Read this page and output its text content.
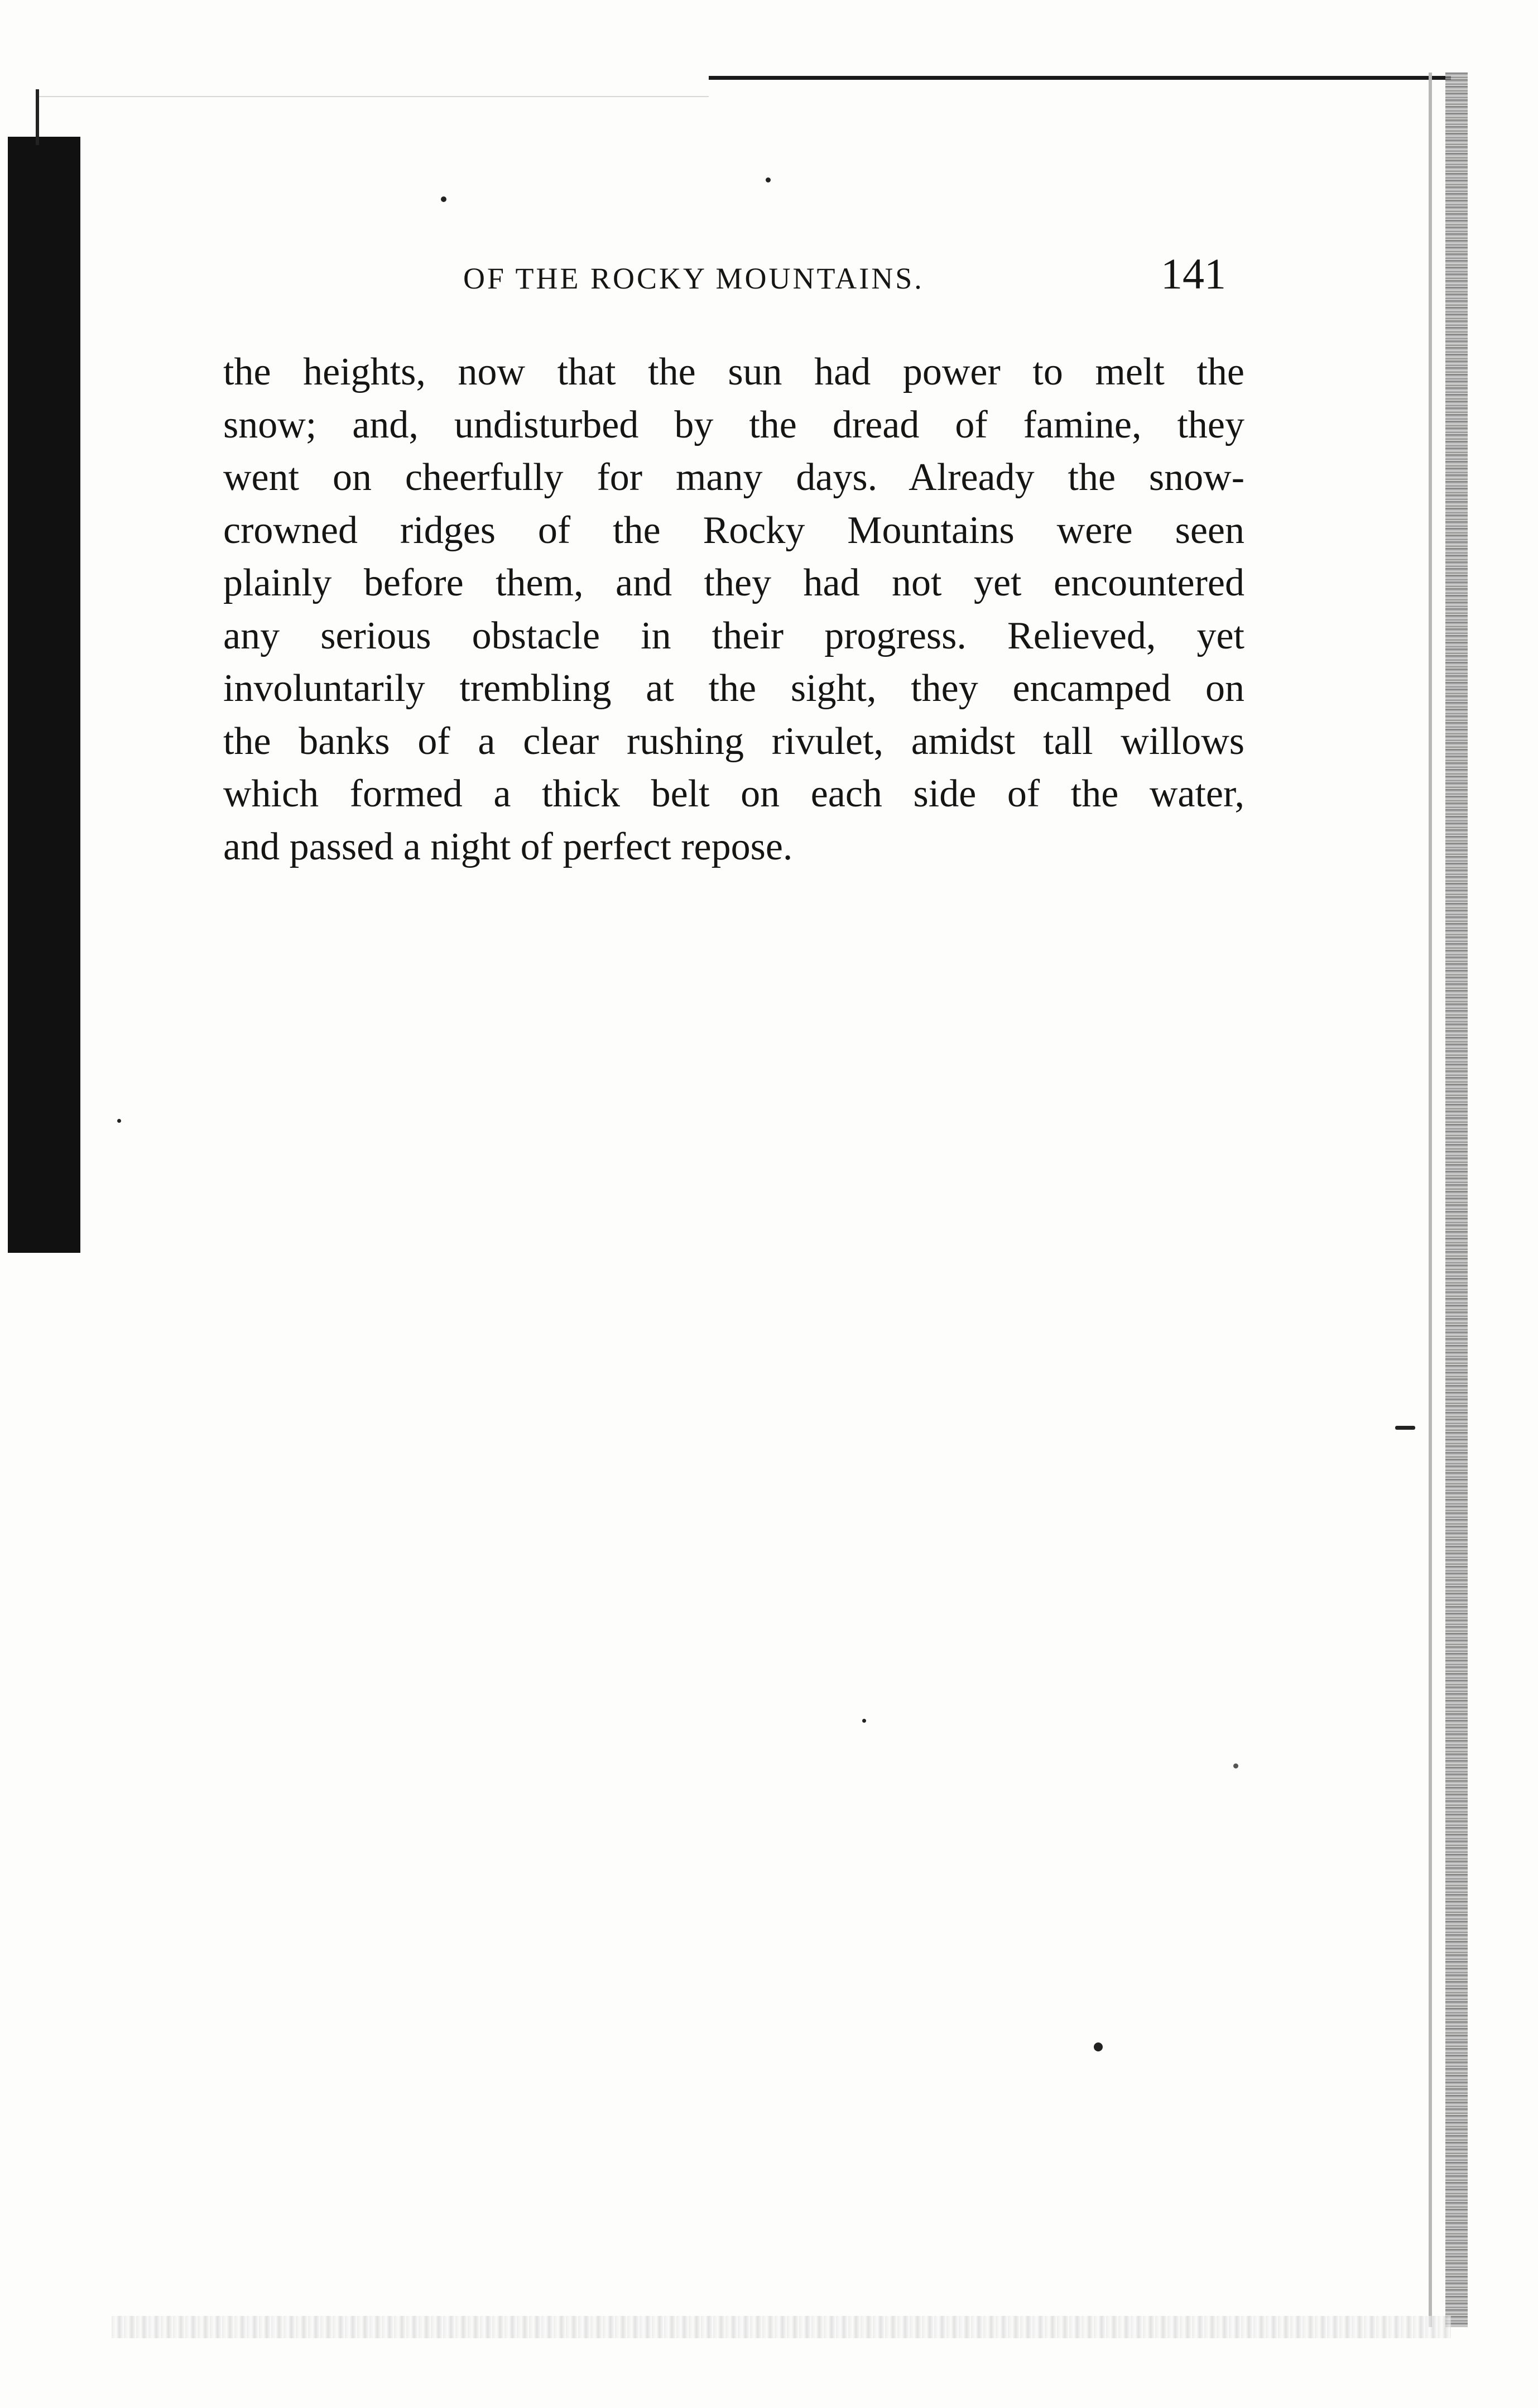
OF THE ROCKY MOUNTAINS.	141
the heights, now that the sun had power to melt the
snow; and, undisturbed by the dread of famine, they
went on cheerfully for many days. Already the snow-
crowned ridges of the Rocky Mountains were seen
plainly before them, and they had not yet encountered
any serious obstacle in their progress. Relieved, yet
involuntarily trembling at the sight, they encamped on
the banks of a clear rushing rivulet, amidst tall willows
which formed a thick belt on each side of the water,
and passed a night of perfect repose.
